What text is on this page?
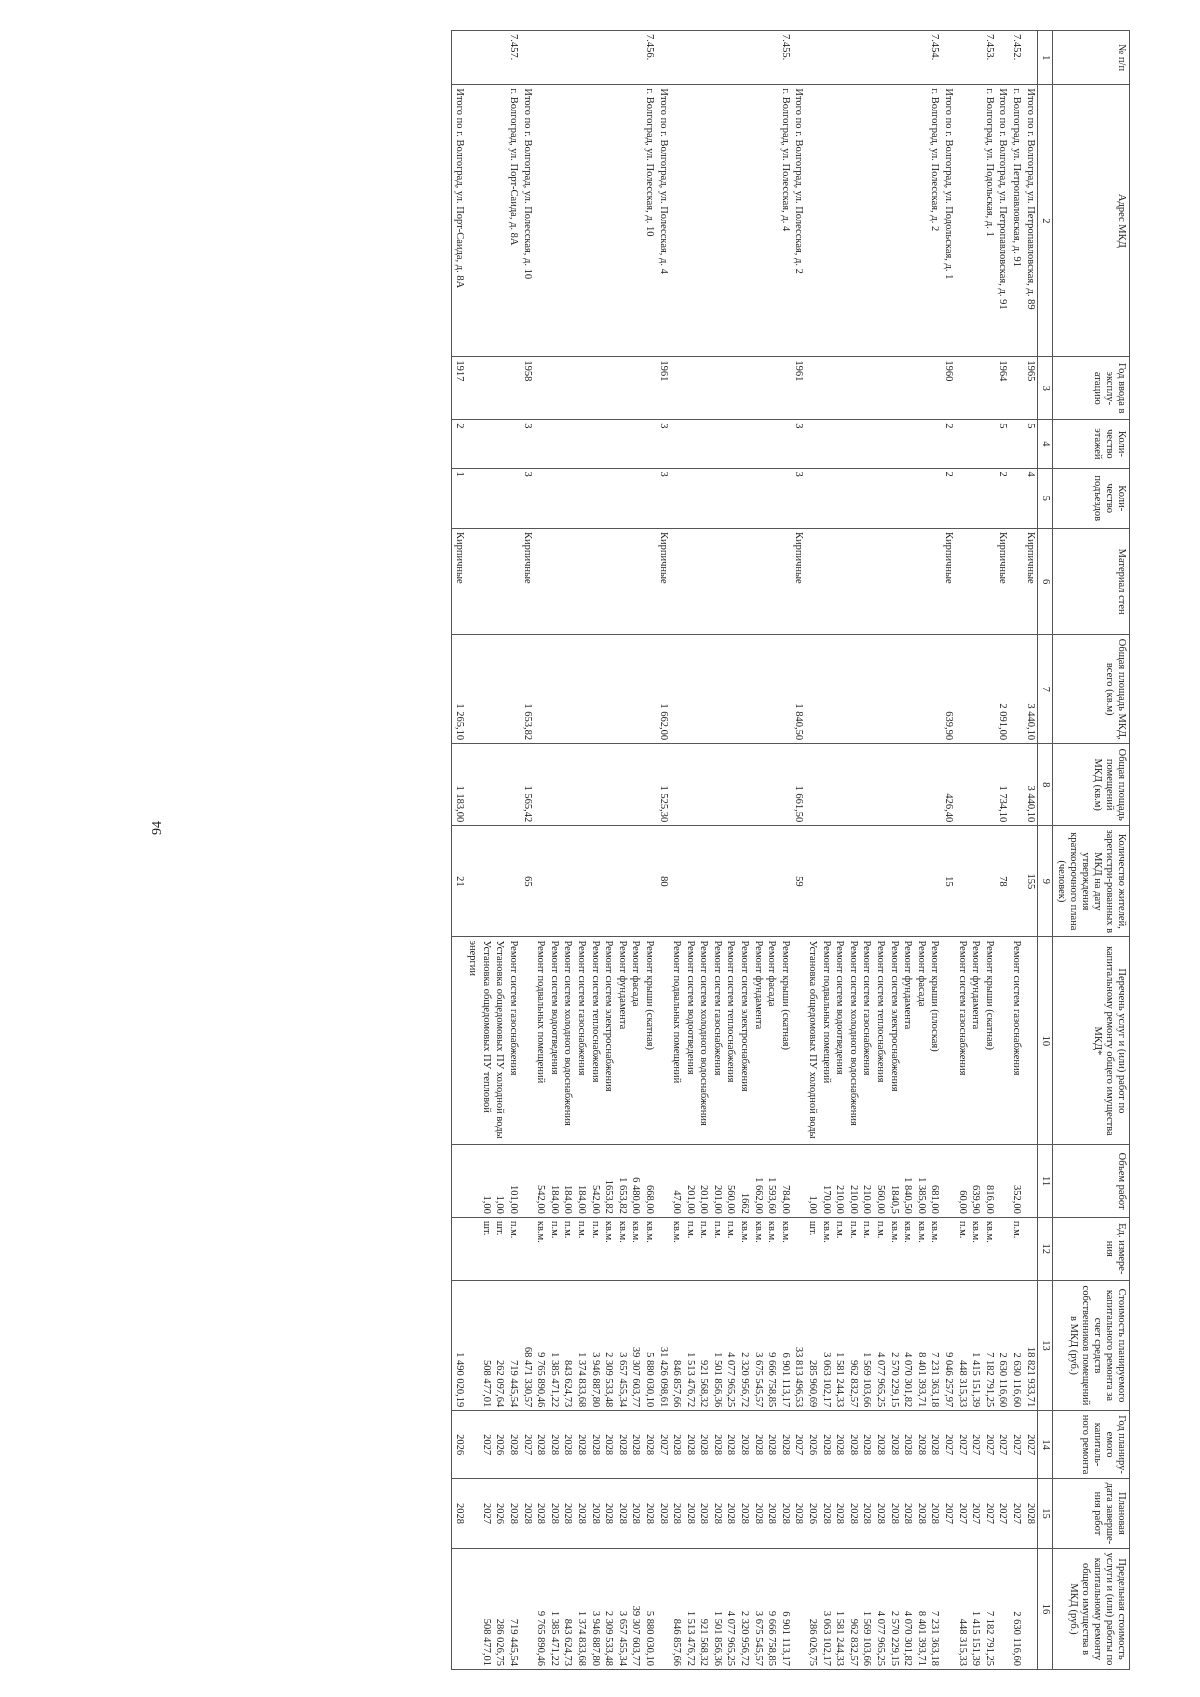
94
№ п/п	Адрес МКД	Год ввода в эксплу-атацию	Коли-чество этажей	Коли-чество подъездов	Материал стен	Общая площадь МКД, всего (кв.м)	Общая площадь помещений МКД (кв.м)	Количество жителей, зарегистри-рованных в МКД на дату утверждения краткосрочного плана (человек)	Перечень услуг и (или) работ по капитальному ремонту общего имущества МКД*	Объем работ	Ед. измере-ния	Стоимость планируемого капитального ремонта за счет средств собственников помещений в МКД (руб.)	Год планиру-емого капиталь-ного ремонта	Плановая дата заверше-ния работ	Предельная стоимость услуги и (или) работы по капитальному ремонту общего имущества в МКД (руб.)
1	2	3	4	5	6	7	8	9	10	11	12	13	14	15	16
	Итого по г. Волгоград, ул. Петропавловская, д. 89	1965	5	4	Кирпичные	3 440,10	3 440,10	155				18 821 933,71	2027	2028	
7.452.	г. Волгоград, ул. Петропавловская, д. 91								Ремонт систем газоснабжения	352,00	п.м.	2 630 116,60	2027	2027	2 630 116,60
	Итого по г. Волгоград, ул. Петропавловская, д. 91	1964	5	2	Кирпичные	2 091,00	1 734,10	78				2 630 116,60	2027	2027	
7.453.	г. Волгоград, ул. Подольская, д. 1								Ремонт крыши (скатная)	816,00	кв.м.	7 182 791,25	2027	2027	7 182 791,25
									Ремонт фундамента	639,90	кв.м.	1 415 151,39	2027	2027	1 415 151,39
									Ремонт систем газоснабжения	60,00	п.м.	448 315,33	2027	2027	448 315,33
	Итого по г. Волгоград, ул. Подольская, д. 1	1960	2	2	Кирпичные	639,90	426,40	15				9 046 257,97	2027	2027	
7.454.	г. Волгоград, ул. Полесская, д. 2								Ремонт крыши (плоская)	681,00	кв.м.	7 231 363,18	2028	2028	7 231 363,18
									Ремонт фасада	1 385,00	кв.м.	8 401 393,71	2028	2028	8 401 393,71
									Ремонт фундамента	1 840,50	кв.м.	4 070 301,82	2028	2028	4 070 301,82
									Ремонт систем электроснабжения	1840,5	кв.м.	2 570 229,15	2028	2028	2 570 229,15
									Ремонт систем теплоснабжения	560,00	п.м.	4 077 965,25	2028	2028	4 077 965,25
									Ремонт систем газоснабжения	210,00	п.м.	1 569 103,66	2028	2028	1 569 103,66
									Ремонт систем холодного водоснабжения	210,00	п.м.	962 832,57	2028	2028	962 832,57
									Ремонт систем водоотведения	210,00	п.м.	1 581 244,33	2028	2028	1 581 244,33
									Ремонт подвальных помещений	170,00	кв.м.	3 063 102,17	2028	2028	3 063 102,17
									Установка общедомовых ПУ холодной воды	1,00	шт.	285 960,69	2026	2026	286 026,75
	Итого по г. Волгоград, ул. Полесская, д. 2	1961	3	3	Кирпичные	1 840,50	1 661,50	59				33 813 496,53	2027	2028	
7.455.	г. Волгоград, ул. Полесская, д. 4								Ремонт крыши (скатная)	784,00	кв.м.	6 901 113,17	2028	2028	6 901 113,17
									Ремонт фасада	1 593,60	кв.м.	9 666 758,85	2028	2028	9 666 758,85
									Ремонт фундамента	1 662,00	кв.м.	3 675 545,57	2028	2028	3 675 545,57
									Ремонт систем электроснабжения	1662	кв.м.	2 320 956,72	2028	2028	2 320 956,72
									Ремонт систем теплоснабжения	560,00	п.м.	4 077 965,25	2028	2028	4 077 965,25
									Ремонт систем газоснабжения	201,00	п.м.	1 501 856,36	2028	2028	1 501 856,36
									Ремонт систем холодного водоснабжения	201,00	п.м.	921 568,32	2028	2028	921 568,32
									Ремонт систем водоотведения	201,00	п.м.	1 513 476,72	2028	2028	1 513 476,72
									Ремонт подвальных помещений	47,00	кв.м.	846 857,66	2028	2028	846 857,66
	Итого по г. Волгоград, ул. Полесская, д. 4	1961	3	3	Кирпичные	1 662,00	1 525,30	80				31 426 098,61	2027	2028	
7.456.	г. Волгоград, ул. Полесская, д. 10								Ремонт крыши (скатная)	668,00	кв.м.	5 880 030,10	2028	2028	5 880 030,10
									Ремонт фасада	6 480,00	кв.м.	39 307 603,77	2028	2028	39 307 603,77
									Ремонт фундамента	1 653,82	кв.м.	3 657 455,34	2028	2028	3 657 455,34
									Ремонт систем электроснабжения	1653,82	кв.м.	2 309 533,48	2028	2028	2 309 533,48
									Ремонт систем теплоснабжения	542,00	п.м.	3 946 887,80	2028	2028	3 946 887,80
									Ремонт систем газоснабжения	184,00	п.м.	1 374 833,68	2028	2028	1 374 833,68
									Ремонт систем холодного водоснабжения	184,00	п.м.	843 624,73	2028	2028	843 624,73
									Ремонт систем водоотведения	184,00	п.м.	1 385 471,22	2028	2028	1 385 471,22
									Ремонт подвальных помещений	542,00	кв.м.	9 765 890,46	2028	2028	9 765 890,46
	Итого по г. Волгоград, ул. Полесская, д. 10	1958	3	3	Кирпичные	1 653,82	1 565,42	65				68 471 330,57	2027	2028	
7.457.	г. Волгоград, ул. Порт-Саида, д. 8А								Ремонт систем газоснабжения	101,00	п.м.	719 445,54	2028	2028	719 445,54
									Установка общедомовых ПУ холодной воды	1,00	шт.	262 097,64	2026	2026	286 026,75
									Установка общедомовых ПУ тепловой энергии	1,00	шт.	508 477,01	2027	2027	508 477,01
	Итого по г. Волгоград, ул. Порт-Саида, д. 8А	1917	2	1	Кирпичные	1 265,10	1 183,00	21				1 490 020,19	2026	2028	
